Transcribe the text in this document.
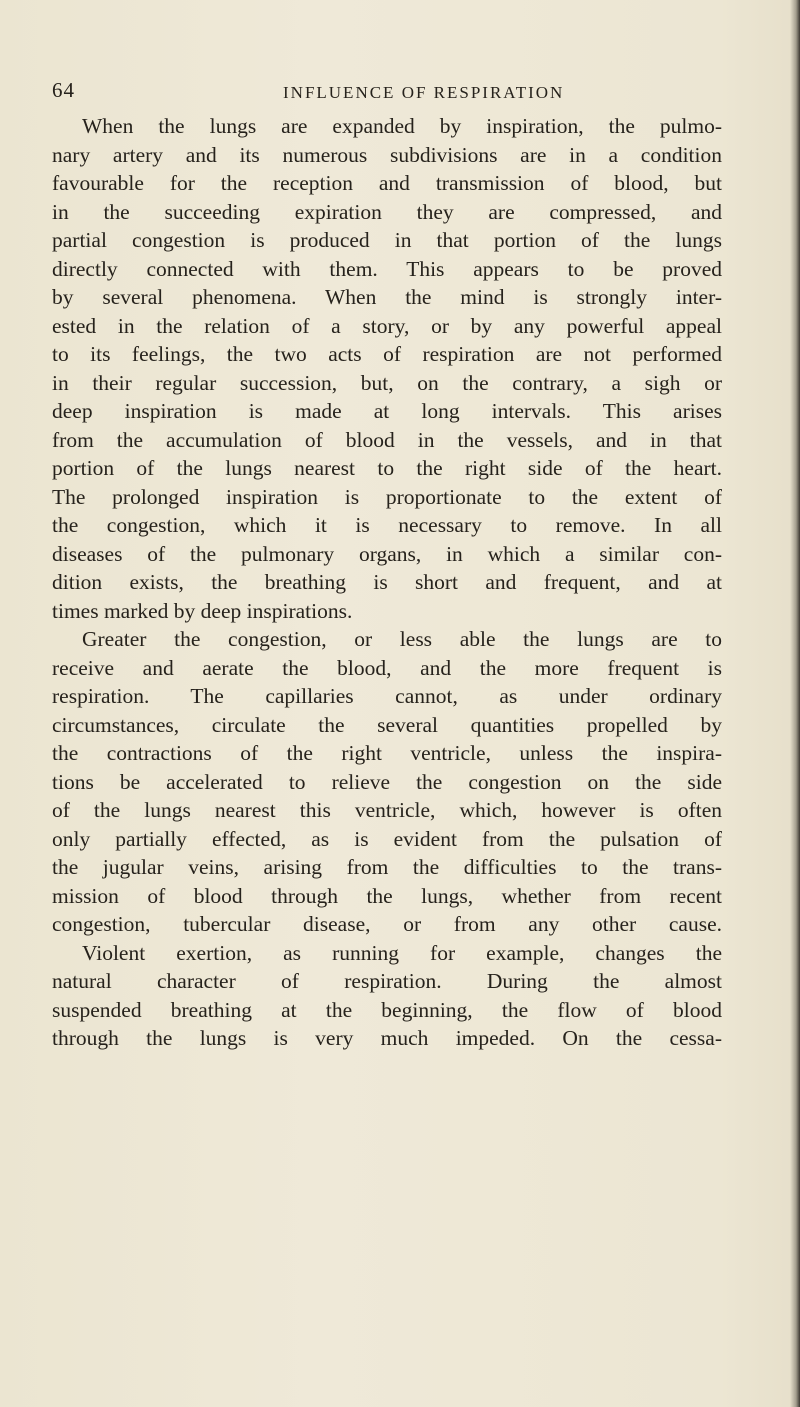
64	INFLUENCE OF RESPIRATION
When the lungs are expanded by inspiration, the pulmo-
nary artery and its numerous subdivisions are in a condition
favourable for the reception and transmission of blood, but
in the succeeding expiration they are compressed, and
partial congestion is produced in that portion of the lungs
directly connected with them. This appears to be proved
by several phenomena. When the mind is strongly inter-
ested in the relation of a story, or by any powerful appeal
to its feelings, the two acts of respiration are not performed
in their regular succession, but, on the contrary, a sigh or
deep inspiration is made at long intervals. This arises
from the accumulation of blood in the vessels, and in that
portion of the lungs nearest to the right side of the heart.
The prolonged inspiration is proportionate to the extent of
the congestion, which it is necessary to remove. In all
diseases of the pulmonary organs, in which a similar con-
dition exists, the breathing is short and frequent, and at
times marked by deep inspirations.
Greater the congestion, or less able the lungs are to
receive and aerate the blood, and the more frequent is
respiration. The capillaries cannot, as under ordinary
circumstances, circulate the several quantities propelled by
the contractions of the right ventricle, unless the inspira-
tions be accelerated to relieve the congestion on the side
of the lungs nearest this ventricle, which, however is often
only partially effected, as is evident from the pulsation of
the jugular veins, arising from the difficulties to the trans-
mission of blood through the lungs, whether from recent
congestion, tubercular disease, or from any other cause.
Violent exertion, as running for example, changes the
natural character of respiration. During the almost
suspended breathing at the beginning, the flow of blood
through the lungs is very much impeded. On the cessa-
